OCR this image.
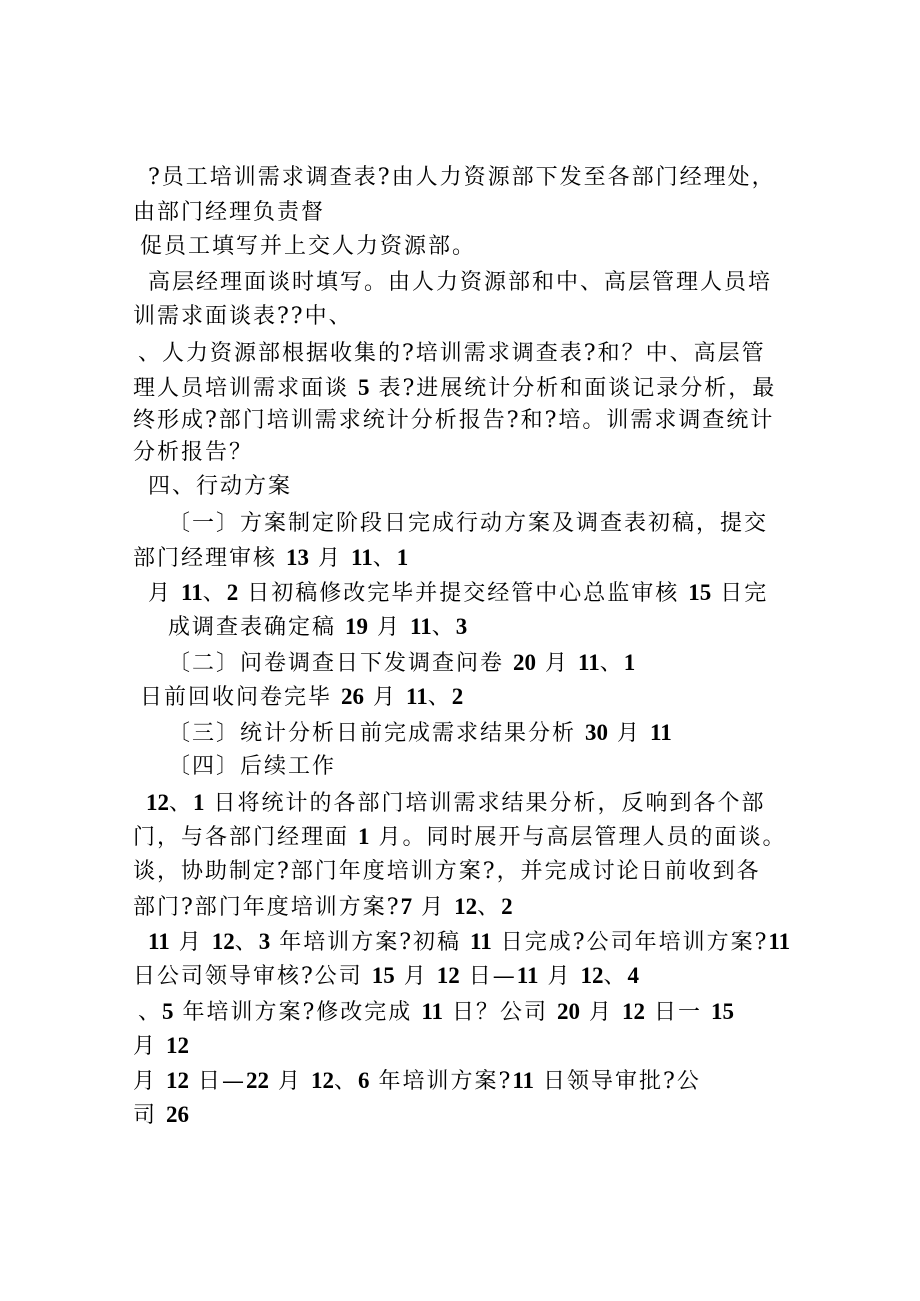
?员工培训需求调查表?由人力资源部下发至各部门经理处，
由部门经理负责督
促员工填写并上交人力资源部。
高层经理面谈时填写。由人力资源部和中、高层管理人员培
训需求面谈表??中、
、人力资源部根据收集的?培训需求调查表?和？中、高层管
理人员培训需求面谈 5 表?进展统计分析和面谈记录分析，最
终形成?部门培训需求统计分析报告?和?培。训需求调查统计
分析报告？
四、行动方案
〔一〕方案制定阶段日完成行动方案及调查表初稿，提交
部门经理审核 13 月 11、1
月 11、2 日初稿修改完毕并提交经管中心总监审核 15 日完
成调查表确定稿 19 月 11、3
〔二〕问卷调查日下发调查问卷 20 月 11、1
日前回收问卷完毕 26 月 11、2
〔三〕统计分析日前完成需求结果分析 30 月 11
〔四〕后续工作
12、1 日将统计的各部门培训需求结果分析，反响到各个部
门，与各部门经理面 1 月。同时展开与高层管理人员的面谈。
谈，协助制定?部门年度培训方案?，并完成讨论日前收到各
部门?部门年度培训方案?7 月 12、2
11 月 12、3 年培训方案?初稿 11 日完成?公司年培训方案?11
日公司领导审核?公司 15 月 12 日—11 月 12、4
、5 年培训方案?修改完成 11 日？公司 20 月 12 日一 15
月 12
月 12 日—22 月 12、6 年培训方案?11 日领导审批?公
司 26
